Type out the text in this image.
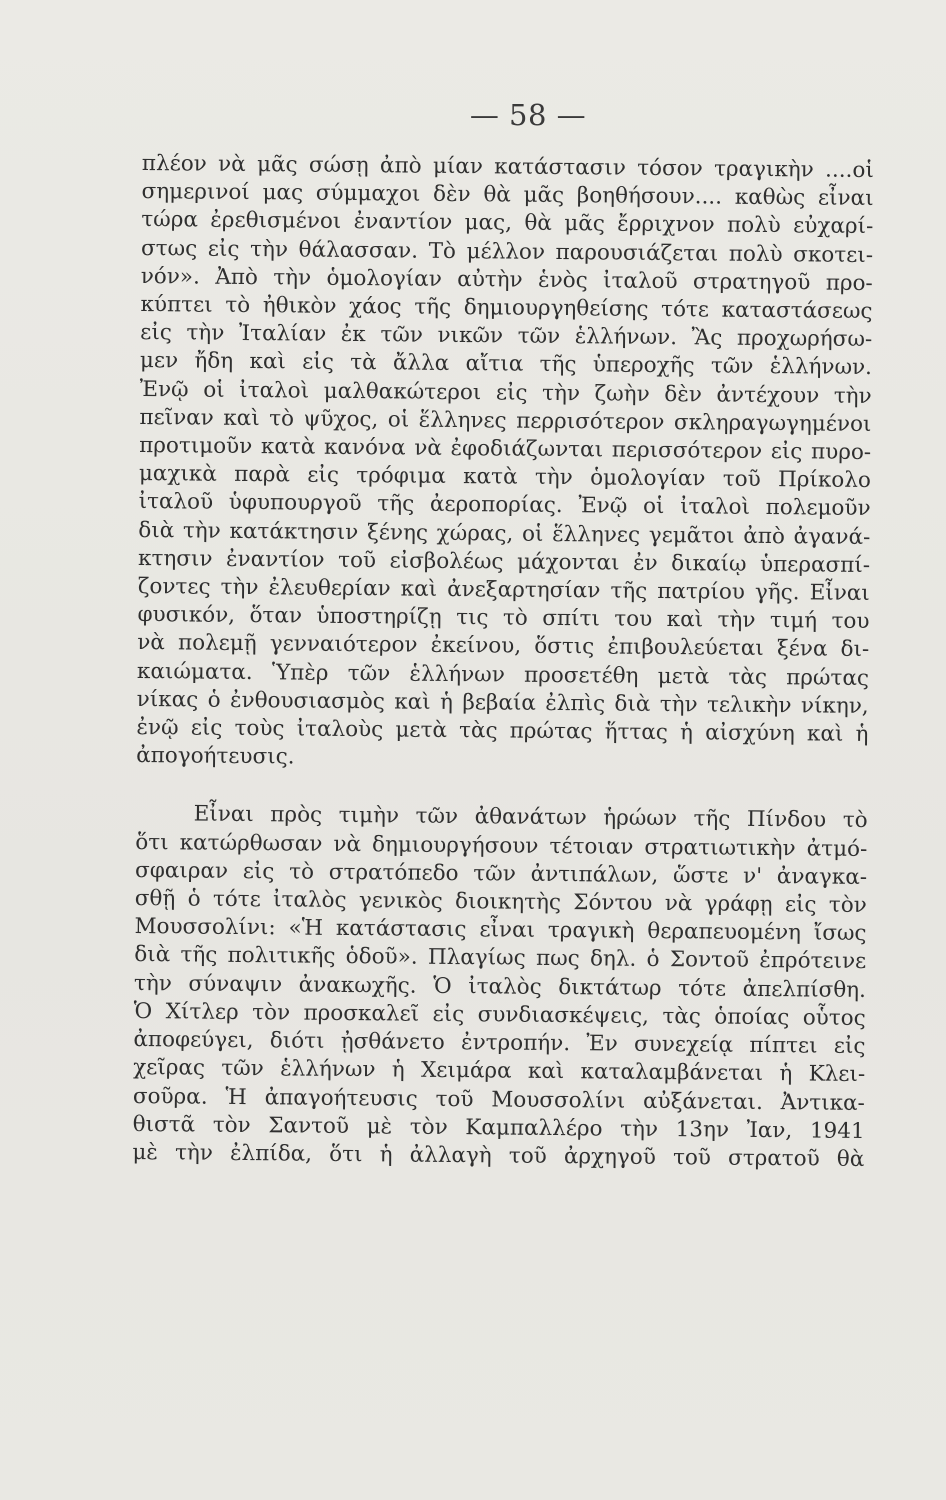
— 58 —

πλέον νὰ μᾶς σώσῃ ἀπὸ μίαν κατάστασιν τόσον τραγικὴν ....οἱ
σημερινοί μας σύμμαχοι δὲν θὰ μᾶς βοηθήσουν.... καθὼς εἶναι
τώρα ἐρεθισμένοι ἐναντίον μας, θὰ μᾶς ἔρριχνον πολὺ εὐχαρί-
στως εἰς τὴν θάλασσαν. Τὸ μέλλον παρουσιάζεται πολὺ σκοτει-
νόν». Ἀπὸ τὴν ὁμολογίαν αὐτὴν ἑνὸς ἰταλοῦ στρατηγοῦ προ-
κύπτει τὸ ἠθικὸν χάος τῆς δημιουργηθείσης τότε καταστάσεως
εἰς τὴν Ἰταλίαν ἐκ τῶν νικῶν τῶν ἑλλήνων. Ἂς προχωρήσω-
μεν ἤδη καὶ εἰς τὰ ἄλλα αἴτια τῆς ὑπεροχῆς τῶν ἑλλήνων.
Ἐνῷ οἱ ἰταλοὶ μαλθακώτεροι εἰς τὴν ζωὴν δὲν ἀντέχουν τὴν
πεῖναν καὶ τὸ ψῦχος, οἱ ἕλληνες περρισότερον σκληραγωγημένοι
προτιμοῦν κατὰ κανόνα νὰ ἐφοδιάζωνται περισσότερον εἰς πυρο-
μαχικὰ παρὰ εἰς τρόφιμα κατὰ τὴν ὁμολογίαν τοῦ Πρίκολο
ἰταλοῦ ὑφυπουργοῦ τῆς ἀεροπορίας. Ἐνῷ οἱ ἰταλοὶ πολεμοῦν
διὰ τὴν κατάκτησιν ξένης χώρας, οἱ ἕλληνες γεμᾶτοι ἀπὸ ἀγανά-
κτησιν ἐναντίον τοῦ εἰσβολέως μάχονται ἐν δικαίῳ ὑπερασπί-
ζοντες τὴν ἐλευθερίαν καὶ ἀνεξαρτησίαν τῆς πατρίου γῆς. Εἶναι
φυσικόν, ὅταν ὑποστηρίζῃ τις τὸ σπίτι του καὶ τὴν τιμή του
νὰ πολεμῇ γενναιότερον ἐκείνου, ὅστις ἐπιβουλεύεται ξένα δι-
καιώματα. Ὑπὲρ τῶν ἑλλήνων προσετέθη μετὰ τὰς πρώτας
νίκας ὁ ἐνθουσιασμὸς καὶ ἡ βεβαία ἐλπὶς διὰ τὴν τελικὴν νίκην,
ἐνῷ εἰς τοὺς ἰταλοὺς μετὰ τὰς πρώτας ἥττας ἡ αἰσχύνη καὶ ἡ
ἀπογοήτευσις.

Εἶναι πρὸς τιμὴν τῶν ἀθανάτων ἡρώων τῆς Πίνδου τὸ
ὅτι κατώρθωσαν νὰ δημιουργήσουν τέτοιαν στρατιωτικὴν ἀτμό-
σφαιραν εἰς τὸ στρατόπεδο τῶν ἀντιπάλων, ὥστε ν' ἀναγκα-
σθῇ ὁ τότε ἰταλὸς γενικὸς διοικητὴς Σόντου νὰ γράφῃ εἰς τὸν
Μουσσολίνι: «Ἡ κατάστασις εἶναι τραγικὴ θεραπευομένη ἴσως
διὰ τῆς πολιτικῆς ὁδοῦ». Πλαγίως πως δηλ. ὁ Σοντοῦ ἐπρότεινε
τὴν σύναψιν ἀνακωχῆς. Ὁ ἰταλὸς δικτάτωρ τότε ἀπελπίσθη.
Ὁ Χίτλερ τὸν προσκαλεῖ εἰς συνδιασκέψεις, τὰς ὁποίας οὗτος
ἀποφεύγει, διότι ᾐσθάνετο ἐντροπήν. Ἐν συνεχείᾳ πίπτει εἰς
χεῖρας τῶν ἑλλήνων ἡ Χειμάρα καὶ καταλαμβάνεται ἡ Κλει-
σοῦρα. Ἡ ἀπαγοήτευσις τοῦ Μουσσολίνι αὐξάνεται. Ἀντικα-
θιστᾶ τὸν Σαντοῦ μὲ τὸν Καμπαλλέρο τὴν 13ην Ἰαν, 1941
μὲ τὴν ἐλπίδα, ὅτι ἡ ἀλλαγὴ τοῦ ἀρχηγοῦ τοῦ στρατοῦ θὰ
